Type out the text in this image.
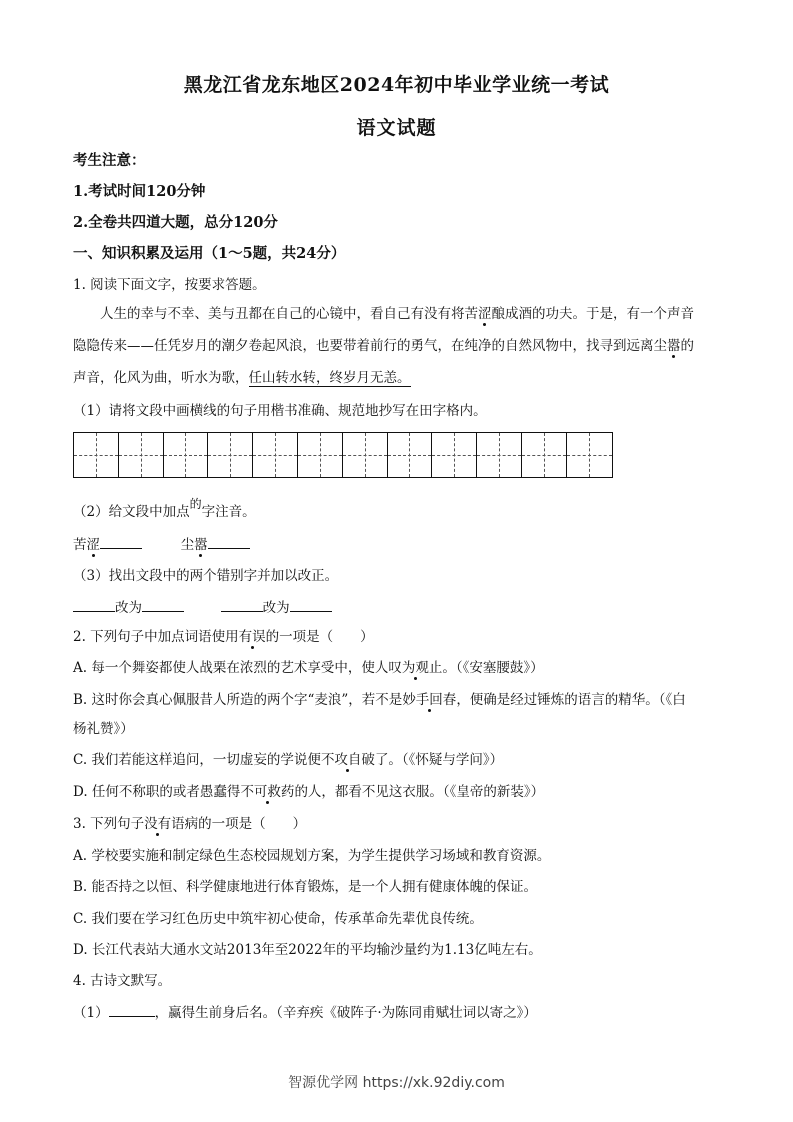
黑龙江省龙东地区2024年初中毕业学业统一考试
语文试题
考生注意：
1.考试时间120分钟
2.全卷共四道大题，总分120分
一、知识积累及运用（1～5题，共24分）
1. 阅读下面文字，按要求答题。
人生的幸与不幸、美与丑都在自己的心镜中，看自己有没有将苦涩酿成酒的功夫。于是，有一个声音
隐隐传来——任凭岁月的潮夕卷起风浪，也要带着前行的勇气，在纯净的自然风物中，找寻到远离尘嚣的
声音，化风为曲，听水为歌，任山转水转，终岁月无恙。
（1）请将文段中画横线的句子用楷书准确、规范地抄写在田字格内。
（2）给文段中加点的字注音。
苦涩	尘嚣
（3）找出文段中的两个错别字并加以改正。
改为	改为
2. 下列句子中加点词语使用有误的一项是（　　）
A. 每一个舞姿都使人战栗在浓烈的艺术享受中，使人叹为观止。（《安塞腰鼓》）
B. 这时你会真心佩服昔人所造的两个字“麦浪”，若不是妙手回春，便确是经过锤炼的语言的精华。（《白
杨礼赞》）
C. 我们若能这样追问，一切虚妄的学说便不攻自破了。（《怀疑与学问》）
D. 任何不称职的或者愚蠢得不可救药的人，都看不见这衣服。（《皇帝的新装》）
3. 下列句子没有语病的一项是（　　）
A. 学校要实施和制定绿色生态校园规划方案，为学生提供学习场域和教育资源。
B. 能否持之以恒、科学健康地进行体育锻炼，是一个人拥有健康体魄的保证。
C. 我们要在学习红色历史中筑牢初心使命，传承革命先辈优良传统。
D. 长江代表站大通水文站2013年至2022年的平均输沙量约为1.13亿吨左右。
4. 古诗文默写。
（1）	，赢得生前身后名。（辛弃疾《破阵子·为陈同甫赋壮词以寄之》）
智源优学网 https://xk.92diy.com
